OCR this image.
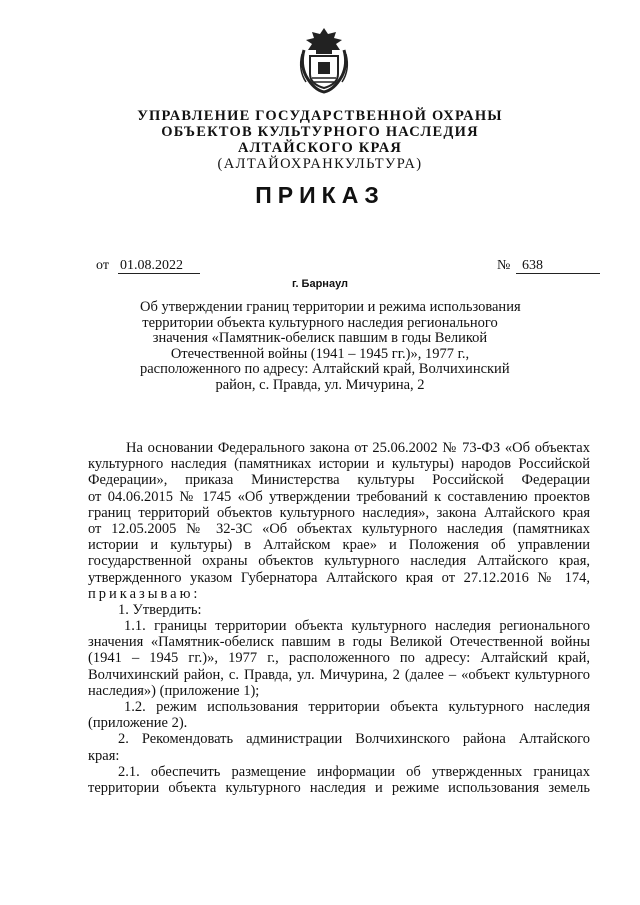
УПРАВЛЕНИЕ ГОСУДАРСТВЕННОЙ ОХРАНЫ
ОБЪЕКТОВ КУЛЬТУРНОГО НАСЛЕДИЯ
АЛТАЙСКОГО КРАЯ
(АЛТАЙОХРАНКУЛЬТУРА)
ПРИКАЗ
от 01.08.2022	№ 638
г. Барнаул
Об утверждении границ территории и режима использования
территории объекта культурного наследия регионального
значения «Памятник-обелиск павшим в годы Великой
Отечественной войны (1941 – 1945 гг.)», 1977 г.,
расположенного по адресу: Алтайский край, Волчихинский
район, с. Правда, ул. Мичурина, 2
На основании Федерального закона от 25.06.2002 № 73-ФЗ «Об объектах
культурного наследия (памятниках истории и культуры) народов Российской
Федерации», приказа Министерства культуры Российской Федерации
от 04.06.2015 № 1745 «Об утверждении требований к составлению проектов
границ территорий объектов культурного наследия», закона Алтайского края
от 12.05.2005 № 32-ЗС «Об объектах культурного наследия (памятниках
истории и культуры) в Алтайском крае» и Положения об управлении
государственной охраны объектов культурного наследия Алтайского края,
утвержденного указом Губернатора Алтайского края от 27.12.2016 № 174,
приказываю:
1. Утвердить:
1.1. границы территории объекта культурного наследия регионального
значения «Памятник-обелиск павшим в годы Великой Отечественной войны
(1941 – 1945 гг.)», 1977 г., расположенного по адресу: Алтайский край,
Волчихинский район, с. Правда, ул. Мичурина, 2 (далее – «объект культурного
наследия») (приложение 1);
1.2. режим использования территории объекта культурного наследия
(приложение 2).
2. Рекомендовать администрации Волчихинского района Алтайского
края:
2.1. обеспечить размещение информации об утвержденных границах
территории объекта культурного наследия и режиме использования земель
